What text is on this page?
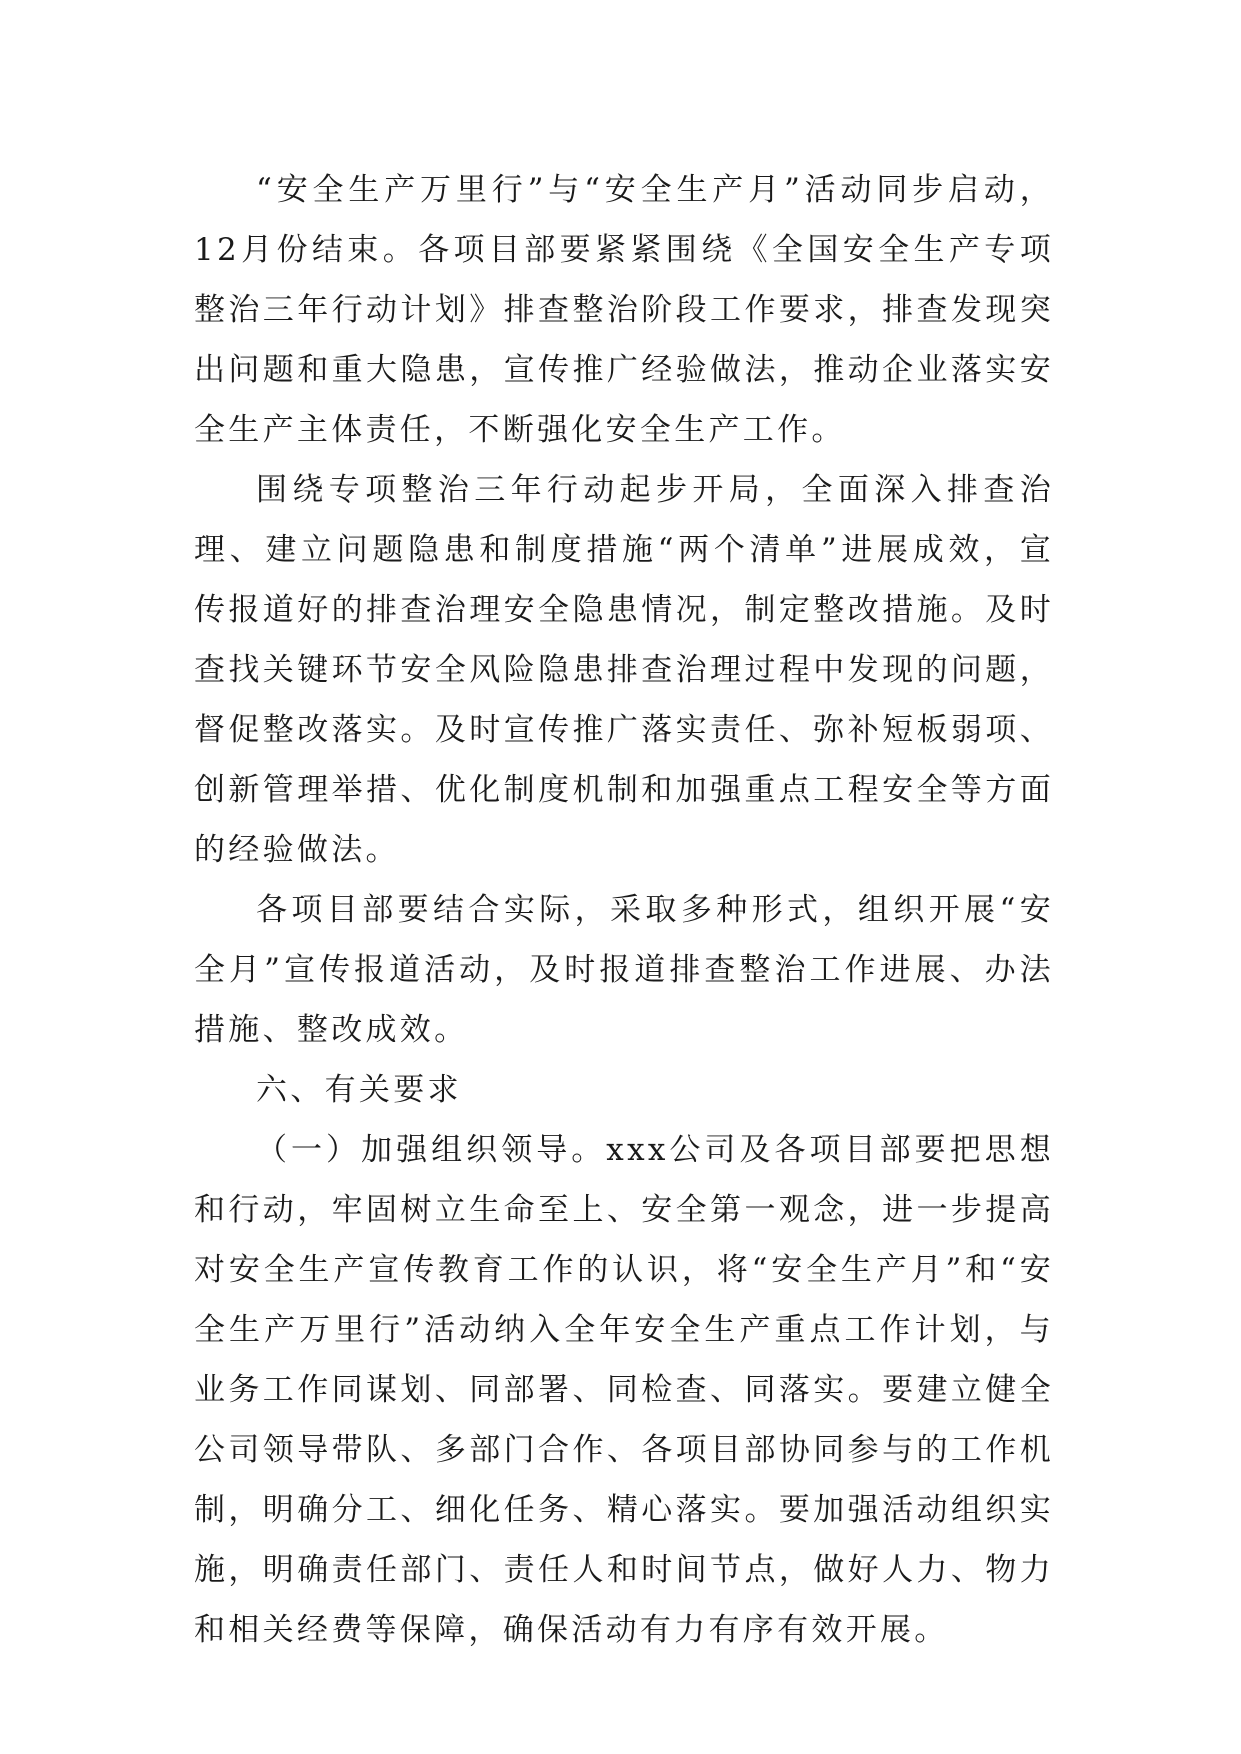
“安全生产万里行”与“安全生产月”活动同步启动，12月份结束。各项目部要紧紧围绕《全国安全生产专项整治三年行动计划》排查整治阶段工作要求，排查发现突出问题和重大隐患，宣传推广经验做法，推动企业落实安全生产主体责任，不断强化安全生产工作。

围绕专项整治三年行动起步开局，全面深入排查治理、建立问题隐患和制度措施“两个清单”进展成效，宣传报道好的排查治理安全隐患情况，制定整改措施。及时查找关键环节安全风险隐患排查治理过程中发现的问题，督促整改落实。及时宣传推广落实责任、弥补短板弱项、创新管理举措、优化制度机制和加强重点工程安全等方面的经验做法。

各项目部要结合实际，采取多种形式，组织开展“安全月”宣传报道活动，及时报道排查整治工作进展、办法措施、整改成效。

六、有关要求

（一）加强组织领导。xxx公司及各项目部要把思想和行动，牢固树立生命至上、安全第一观念，进一步提高对安全生产宣传教育工作的认识，将“安全生产月”和“安全生产万里行”活动纳入全年安全生产重点工作计划，与业务工作同谋划、同部署、同检查、同落实。要建立健全公司领导带队、多部门合作、各项目部协同参与的工作机制，明确分工、细化任务、精心落实。要加强活动组织实施，明确责任部门、责任人和时间节点，做好人力、物力和相关经费等保障，确保活动有力有序有效开展。
